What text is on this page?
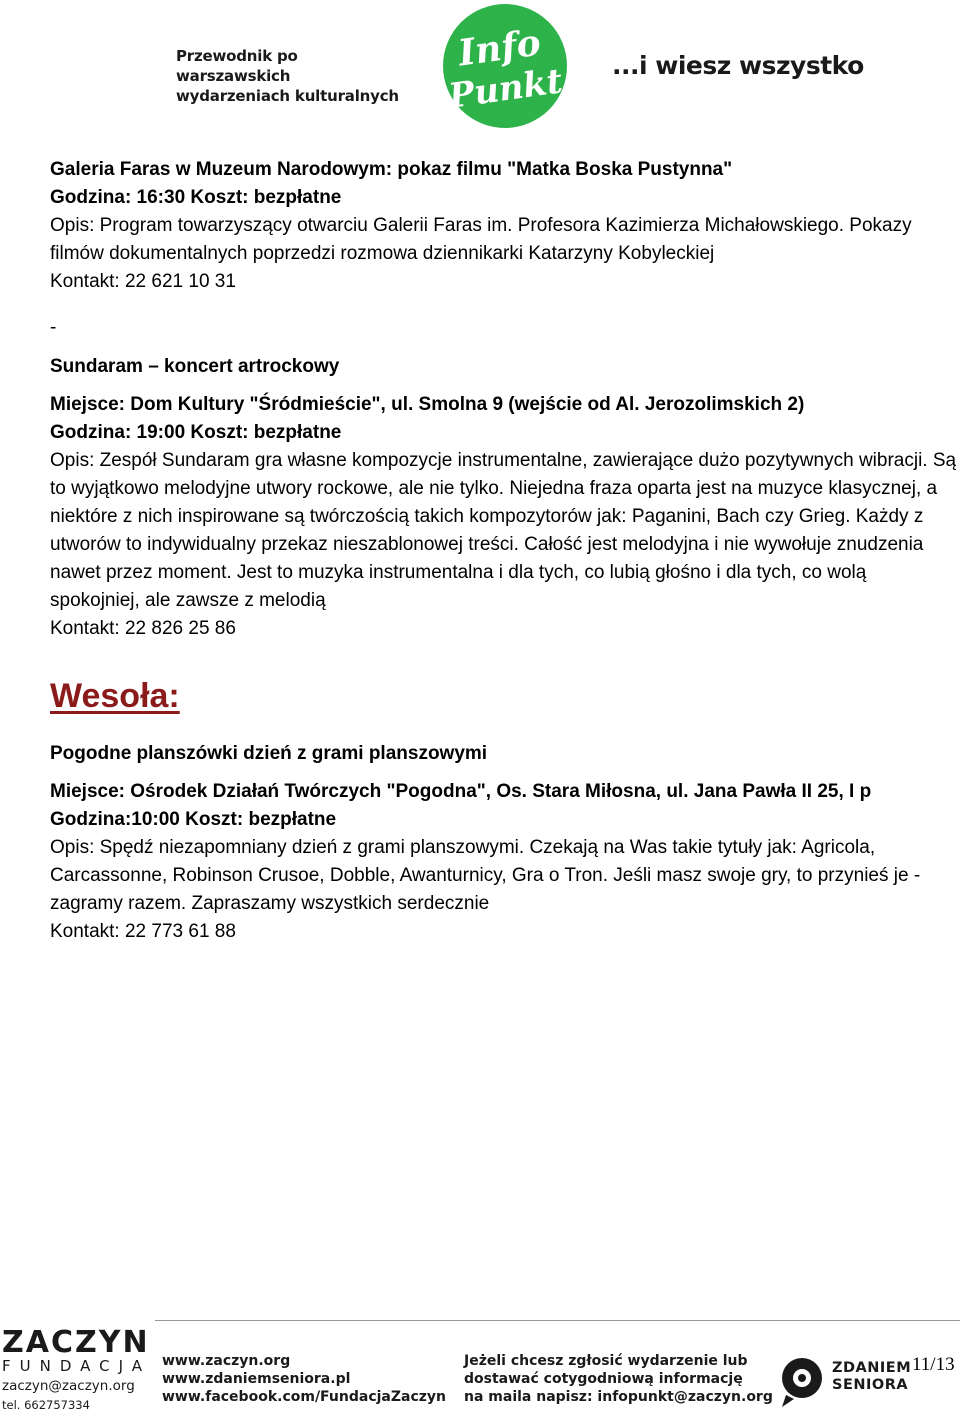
Przewodnik po warszawskich
wydarzeniach kulturalnych
Info
Punkt ...i wiesz wszystko

Galeria Faras w Muzeum Narodowym: pokaz filmu "Matka Boska Pustynna"

Godzina: 16:30 Koszt: bezpłatne

Opis: Program towarzyszący otwarciu Galerii Faras im. Profesora Kazimierza Michałowskiego. Pokazy filmów dokumentalnych poprzedzi rozmowa dziennikarki Katarzyny Kobyleckiej

Kontakt: 22 621 10 31

-

Sundaram – koncert artrockowy

Miejsce: Dom Kultury "Śródmieście", ul. Smolna 9 (wejście od Al. Jerozolimskich 2)

Godzina: 19:00 Koszt: bezpłatne

Opis: Zespół Sundaram gra własne kompozycje instrumentalne, zawierające dużo pozytywnych wibracji. Są to wyjątkowo melodyjne utwory rockowe, ale nie tylko. Niejedna fraza oparta jest na muzyce klasycznej, a niektóre z nich inspirowane są twórczością takich kompozytorów jak: Paganini, Bach czy Grieg. Każdy z utworów to indywidualny przekaz nieszablonowej treści. Całość jest melodyjna i nie wywołuje znudzenia nawet przez moment. Jest to muzyka instrumentalna i dla tych, co lubią głośno i dla tych, co wolą spokojniej, ale zawsze z melodią

Kontakt: 22 826 25 86

Wesoła:

Pogodne planszówki dzień z grami planszowymi

Miejsce: Ośrodek Działań Twórczych "Pogodna", Os. Stara Miłosna, ul. Jana Pawła II 25, I p

Godzina:10:00 Koszt: bezpłatne

Opis: Spędź niezapomniany dzień z grami planszowymi. Czekają na Was takie tytuły jak: Agricola, Carcassonne, Robinson Crusoe, Dobble, Awanturnicy, Gra o Tron. Jeśli masz swoje gry, to przynieś je - zagramy razem. Zapraszamy wszystkich serdecznie

Kontakt: 22 773 61 88

ZACZYN
FUNDACJA
zaczyn@zaczyn.org
tel. 662757334
www.zaczyn.org
www.zdaniemseniora.pl
www.facebook.com/FundacjaZaczyn
Jeżeli chcesz zgłosić wydarzenie lub
dostawać cotygodniową informację
na maila napisz: infopunkt@zaczyn.org
ZDANIEM
SENIORA
11/13
